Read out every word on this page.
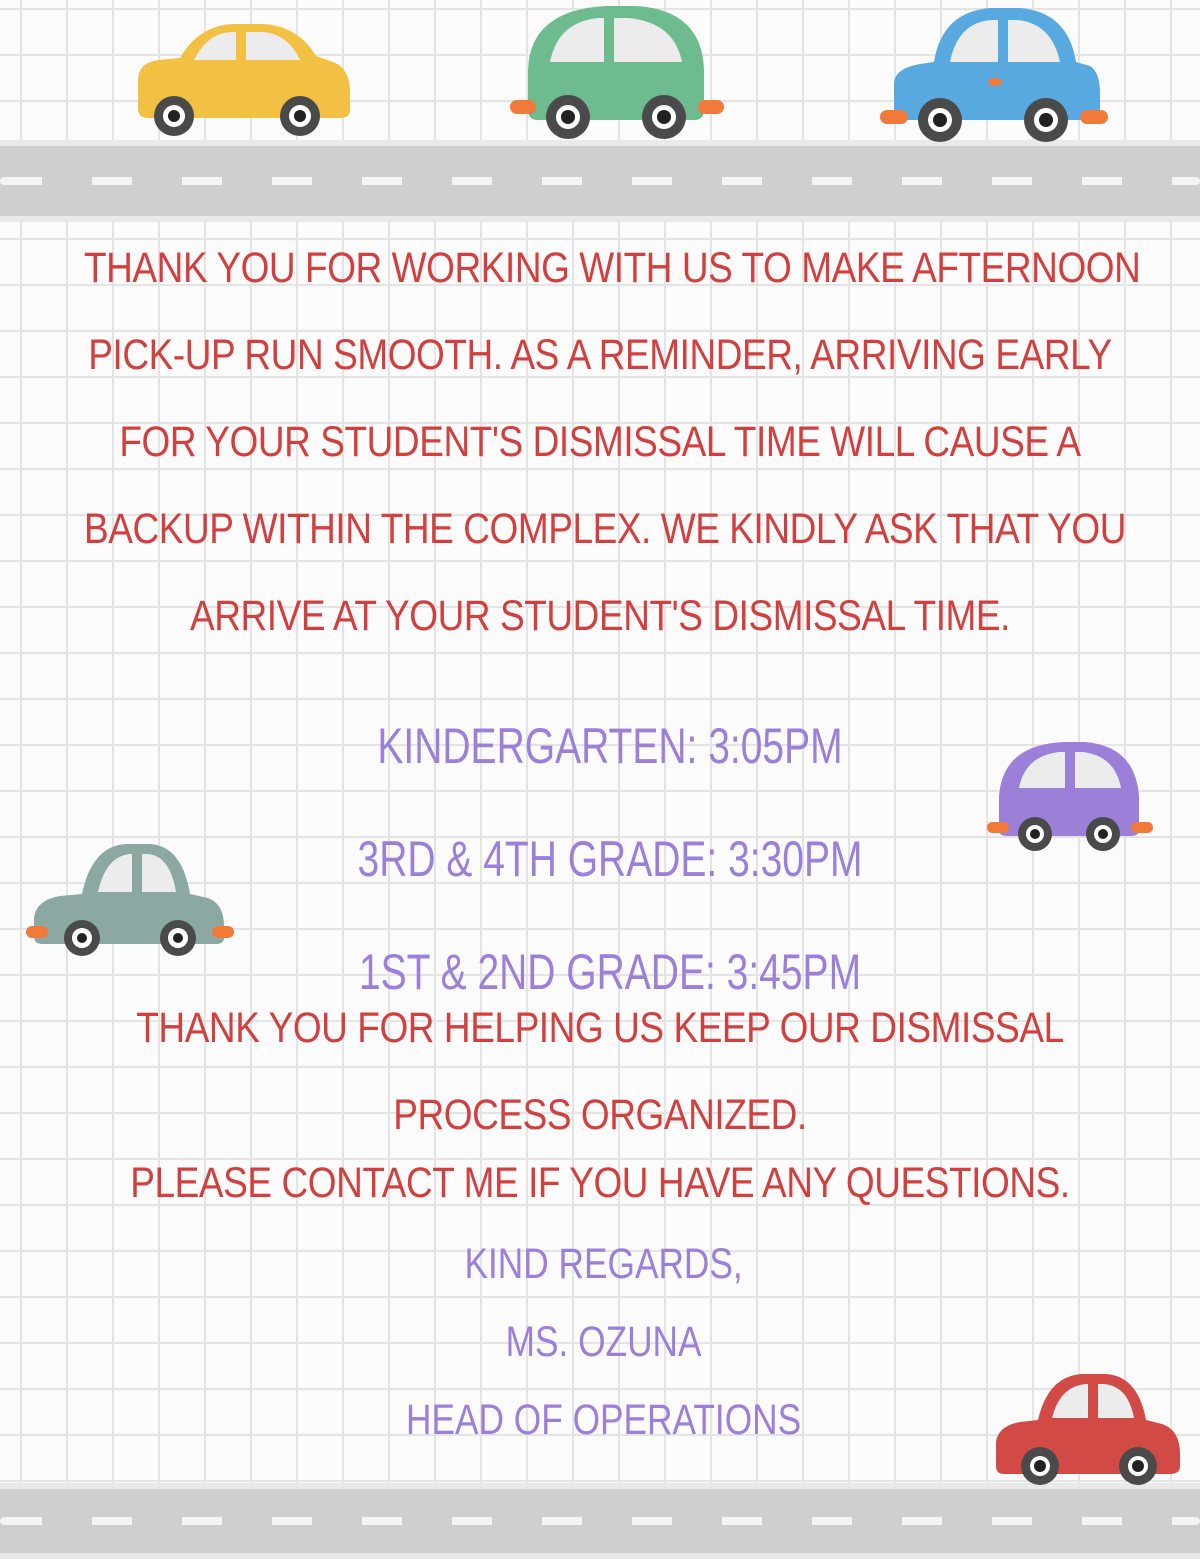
THANK YOU FOR WORKING WITH US TO MAKE AFTERNOON
PICK-UP RUN SMOOTH. AS A REMINDER, ARRIVING EARLY
FOR YOUR STUDENT'S DISMISSAL TIME WILL CAUSE A
BACKUP WITHIN THE COMPLEX. WE KINDLY ASK THAT YOU
ARRIVE AT YOUR STUDENT'S DISMISSAL TIME.
KINDERGARTEN: 3:05PM
3RD & 4TH GRADE: 3:30PM
1ST & 2ND GRADE: 3:45PM
THANK YOU FOR HELPING US KEEP OUR DISMISSAL
PROCESS ORGANIZED.
PLEASE CONTACT ME IF YOU HAVE ANY QUESTIONS.
KIND REGARDS,
MS. OZUNA
HEAD OF OPERATIONS
